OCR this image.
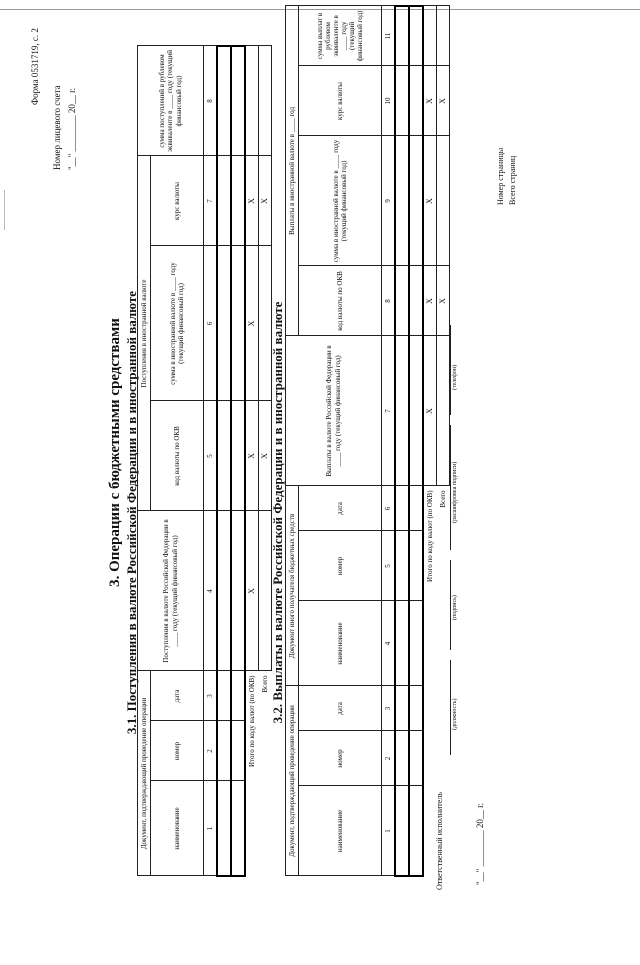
Форма 0531719, с. 2
Номер лицевого счета "__" ________ 20__ г.
3. Операции с бюджетными средствами 3.1. Поступления в валюте Российской Федерации и в иностранной валюте
Документ, подтверждающий проведение операции			Поступления в валюте Российской Федерации в ____ году (текущий финансовый год)	Поступления в иностранной валюте			сумма поступлений в рублевом эквиваленте в ____ году (текущий финансовый год)
наименование	номер	дата		код валюты по ОКВ	сумма в иностранной валюте в ____ году (текущий финансовый год)	курс валюты	
1	2	3	4	5	6	7	8

Итого по коду валют (по ОКВ)			X	X	X	X	
Всего				X		X	
3.2. Выплаты в валюте Российской Федерации и в иностранной валюте
Документ, подтверждающий проведение операции			Документ иного получателя бюджетных средств			Выплаты в валюте Российской Федерации в ____ году (текущий финансовый год)	Выплаты в иностранной валюте в ____ год			
наименование	номер	дата	наименование	номер	дата		код валюты по ОКВ	сумма в иностранной валюте в ____ году (текущий финансовый год)	курс валюты	сумма выплат в рублевом эквиваленте в ____ году (текущий финансовый год)
1	2	3	4	5	6	7	8	9	10	11

Итого по коду валют (по ОКВ)						X	X	X	X	
Всего							X		X	
Ответственный исполнитель
(должность)
(подпись)
(расшифровка подписи)
(телефон)
"__" ________ 20__ г.
Номер страницы Всего страниц
